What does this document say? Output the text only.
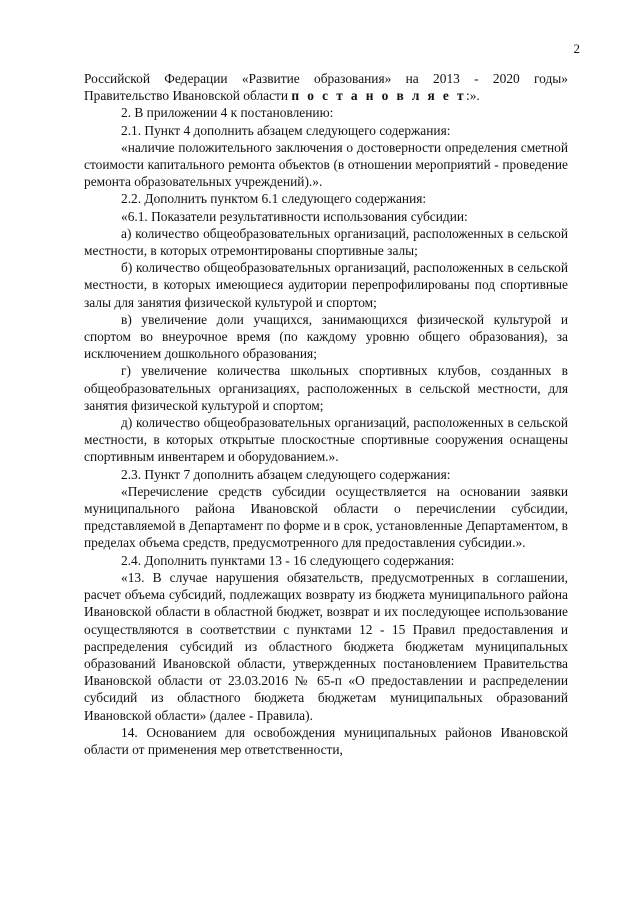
2

Российской Федерации «Развитие образования» на 2013 - 2020 годы» Правительство Ивановской области п о с т а н о в л я е т:».

2. В приложении 4 к постановлению:

2.1. Пункт 4 дополнить абзацем следующего содержания:

«наличие положительного заключения о достоверности определения сметной стоимости капитального ремонта объектов (в отношении мероприятий - проведение ремонта образовательных учреждений).».

2.2. Дополнить пунктом 6.1 следующего содержания:

«6.1. Показатели результативности использования субсидии:

а) количество общеобразовательных организаций, расположенных в сельской местности, в которых отремонтированы спортивные залы;

б) количество общеобразовательных организаций, расположенных в сельской местности, в которых имеющиеся аудитории перепрофилированы под спортивные залы для занятия физической культурой и спортом;

в) увеличение доли учащихся, занимающихся физической культурой и спортом во внеурочное время (по каждому уровню общего образования), за исключением дошкольного образования;

г) увеличение количества школьных спортивных клубов, созданных в общеобразовательных организациях, расположенных в сельской местности, для занятия физической культурой и спортом;

д) количество общеобразовательных организаций, расположенных в сельской местности, в которых открытые плоскостные спортивные сооружения оснащены спортивным инвентарем и оборудованием.».

2.3. Пункт 7 дополнить абзацем следующего содержания:

«Перечисление средств субсидии осуществляется на основании заявки муниципального района Ивановской области о перечислении субсидии, представляемой в Департамент по форме и в срок, установленные Департаментом, в пределах объема средств, предусмотренного для предоставления субсидии.».

2.4. Дополнить пунктами 13 - 16 следующего содержания:

«13. В случае нарушения обязательств, предусмотренных в соглашении, расчет объема субсидий, подлежащих возврату из бюджета муниципального района Ивановской области в областной бюджет, возврат и их последующее использование осуществляются в соответствии с пунктами 12 - 15 Правил предоставления и распределения субсидий из областного бюджета бюджетам муниципальных образований Ивановской области, утвержденных постановлением Правительства Ивановской области от 23.03.2016 № 65-п «О предоставлении и распределении субсидий из областного бюджета бюджетам муниципальных образований Ивановской области» (далее - Правила).

14. Основанием для освобождения муниципальных районов Ивановской области от применения мер ответственности,
